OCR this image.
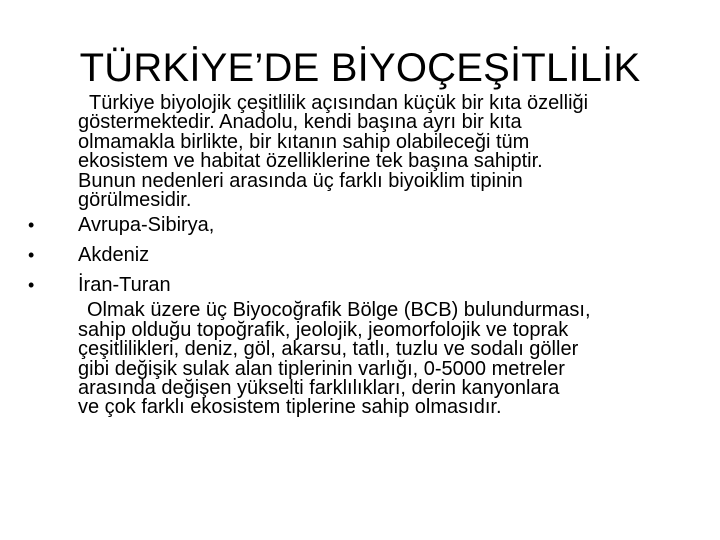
TÜRKİYE’DE BİYOÇEŞİTLİLİK

Türkiye biyolojik çeşitlilik açısından küçük bir kıta özelliği
göstermektedir. Anadolu, kendi başına ayrı bir kıta
olmamakla birlikte, bir kıtanın sahip olabileceği tüm
ekosistem ve habitat özelliklerine tek başına sahiptir.
Bunun nedenleri arasında üç farklı biyoiklim tipinin
görülmesidir.

•	Avrupa-Sibirya,
•	Akdeniz
•	İran-Turan

Olmak üzere üç Biyocoğrafik Bölge (BCB) bulundurması,
sahip olduğu topoğrafik, jeolojik, jeomorfolojik ve toprak
çeşitlilikleri, deniz, göl, akarsu, tatlı, tuzlu ve sodalı göller
gibi değişik sulak alan tiplerinin varlığı, 0-5000 metreler
arasında değişen yükselti farklılıkları, derin kanyonlara
ve çok farklı ekosistem tiplerine sahip olmasıdır.
